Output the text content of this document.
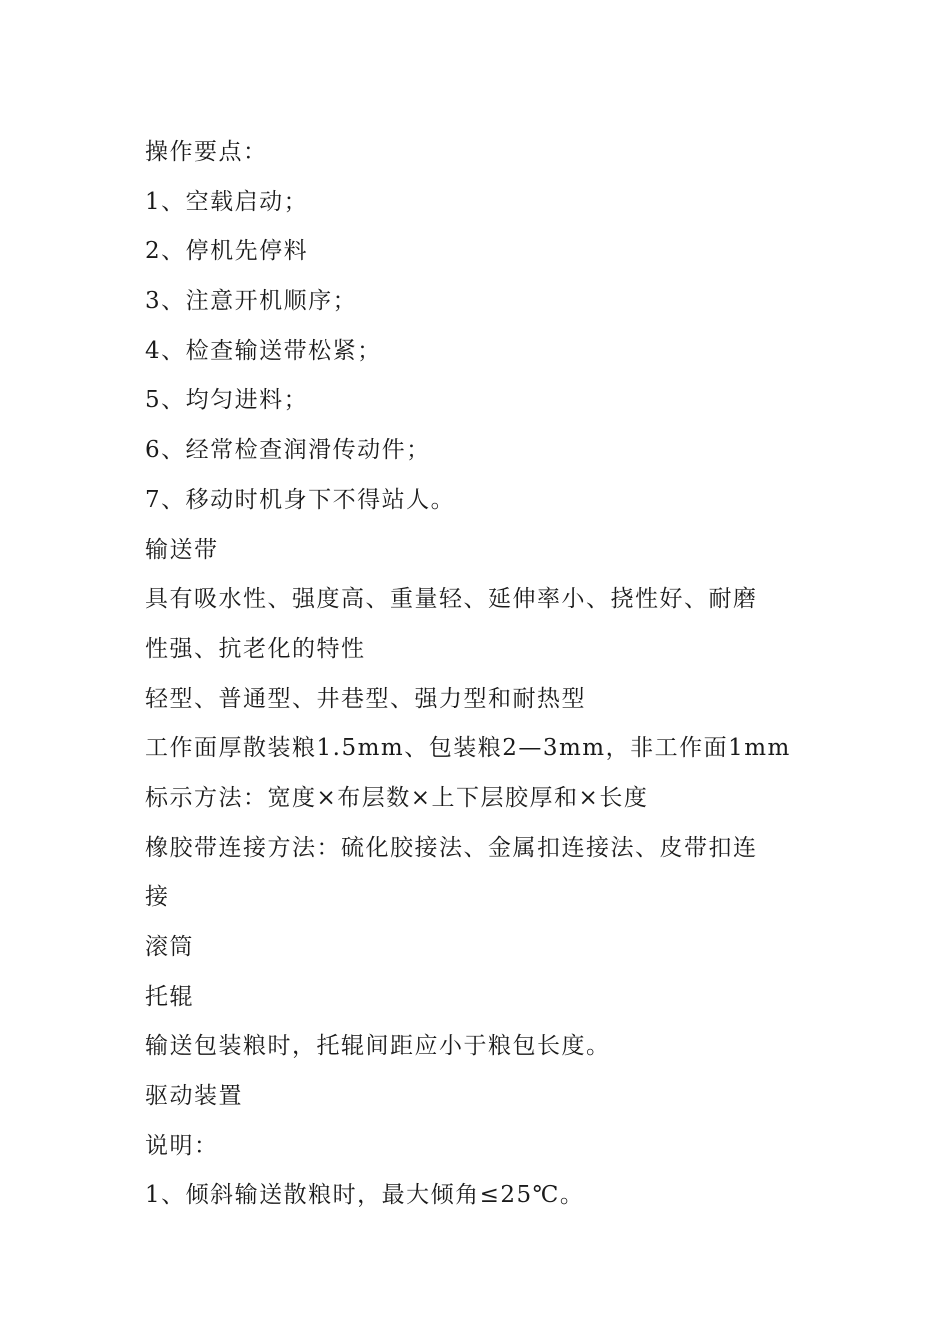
操作要点：
1、空载启动；
2、停机先停料
3、注意开机顺序；
4、检查输送带松紧；
5、均匀进料；
6、经常检查润滑传动件；
7、移动时机身下不得站人。
输送带
具有吸水性、强度高、重量轻、延伸率小、挠性好、耐磨
性强、抗老化的特性
轻型、普通型、井巷型、强力型和耐热型
工作面厚散装粮1.5mm、包装粮2—3mm，非工作面1mm
标示方法：宽度×布层数×上下层胶厚和×长度
橡胶带连接方法：硫化胶接法、金属扣连接法、皮带扣连
接
滚筒
托辊
输送包装粮时，托辊间距应小于粮包长度。
驱动装置
说明：
1、倾斜输送散粮时，最大倾角≤25℃。
